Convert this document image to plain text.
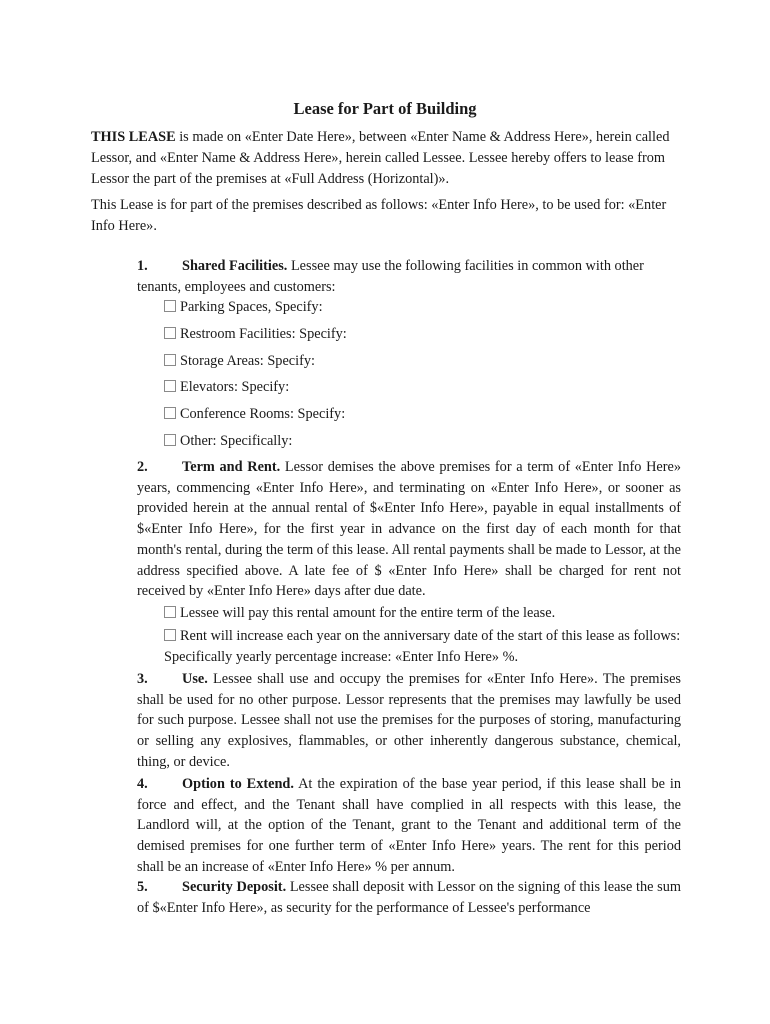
Lease for Part of Building

THIS LEASE is made on «Enter Date Here», between «Enter Name & Address Here», herein called Lessor, and «Enter Name & Address Here», herein called Lessee. Lessee hereby offers to lease from Lessor the part of the premises at «Full Address (Horizontal)».

This Lease is for part of the premises described as follows: «Enter Info Here», to be used for: «Enter Info Here».

1. Shared Facilities. Lessee may use the following facilities in common with other tenants, employees and customers:

Parking Spaces, Specify:
Restroom Facilities: Specify:
Storage Areas: Specify:
Elevators: Specify:
Conference Rooms: Specify:
Other: Specifically:

2. Term and Rent. Lessor demises the above premises for a term of «Enter Info Here» years, commencing «Enter Info Here», and terminating on «Enter Info Here», or sooner as provided herein at the annual rental of $«Enter Info Here», payable in equal installments of $«Enter Info Here», for the first year in advance on the first day of each month for that month's rental, during the term of this lease. All rental payments shall be made to Lessor, at the address specified above. A late fee of $ «Enter Info Here» shall be charged for rent not received by «Enter Info Here» days after due date.

Lessee will pay this rental amount for the entire term of the lease.
Rent will increase each year on the anniversary date of the start of this lease as follows: Specifically yearly percentage increase: «Enter Info Here» %.

3. Use. Lessee shall use and occupy the premises for «Enter Info Here». The premises shall be used for no other purpose. Lessor represents that the premises may lawfully be used for such purpose. Lessee shall not use the premises for the purposes of storing, manufacturing or selling any explosives, flammables, or other inherently dangerous substance, chemical, thing, or device.

4. Option to Extend. At the expiration of the base year period, if this lease shall be in force and effect, and the Tenant shall have complied in all respects with this lease, the Landlord will, at the option of the Tenant, grant to the Tenant and additional term of the demised premises for one further term of «Enter Info Here» years. The rent for this period shall be an increase of «Enter Info Here» % per annum.

5. Security Deposit. Lessee shall deposit with Lessor on the signing of this lease the sum of $«Enter Info Here», as security for the performance of Lessee's performance
